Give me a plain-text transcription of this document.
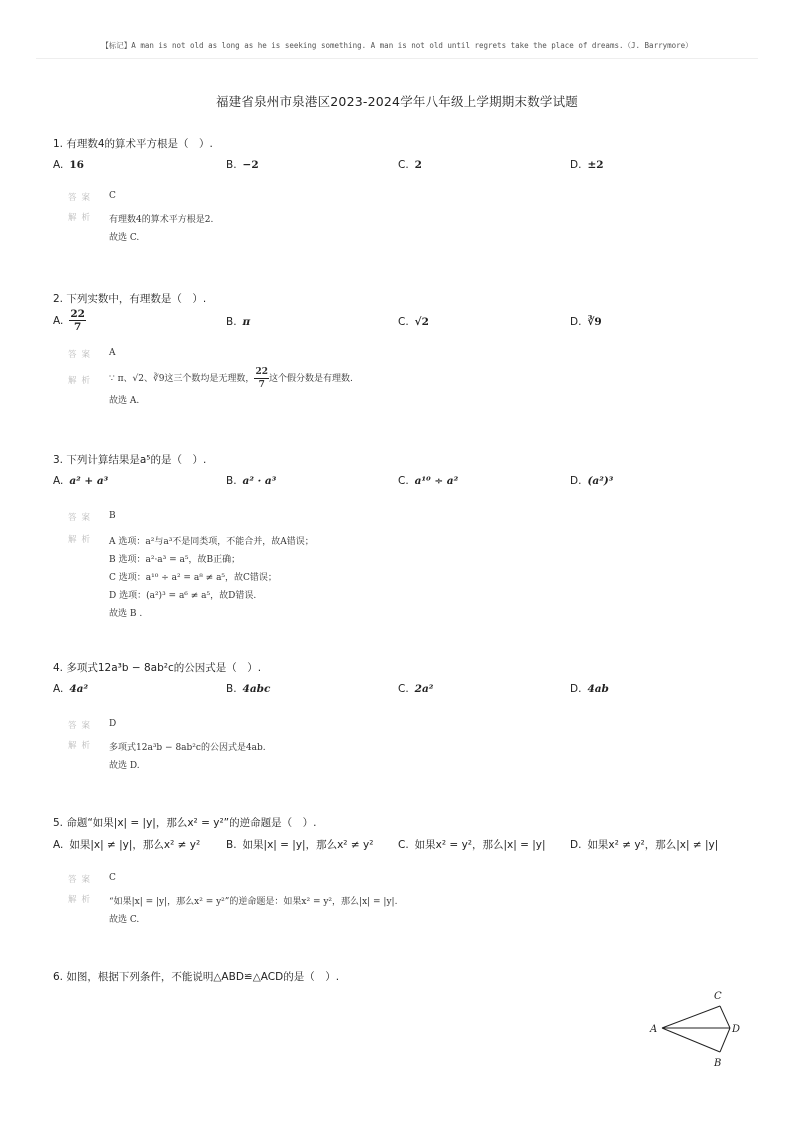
【标记】A man is not old as long as he is seeking something. A man is not old until regrets take the place of dreams.（J. Barrymore）
福建省泉州市泉港区2023-2024学年八年级上学期期末数学试题
1. 有理数4的算术平方根是（　）.
A. 16	B. −2	C. 2	D. ±2
答案 C
解析 有理数4的算术平方根是2.
故选 C.
2. 下列实数中，有理数是（　）.
A. $\frac{22}{7}$	B. π	C. √2	D. ∛9
答案 A
解析 ∵ π、√2、∛9这三个数均是无理数， $\frac{22}{7}$ 这个假分数是有理数.
故选 A.
3. 下列计算结果是a⁵的是（　）.
A. a² + a³	B. a² · a³	C. a¹⁰ ÷ a²	D. (a²)³
答案 B
解析 A 选项：a²与a³不是同类项，不能合并，故A错误；
B 选项：a²·a³ = a⁵，故B正确；
C 选项：a¹⁰ ÷ a² = a⁸ ≠ a⁵，故C错误；
D 选项：(a²)³ = a⁶ ≠ a⁵，故D错误.
故选 B .
4. 多项式12a³b − 8ab²c的公因式是（　）.
A. 4a²	B. 4abc	C. 2a²	D. 4ab
答案 D
解析 多项式12a³b − 8ab²c的公因式是4ab.
故选 D.
5. 命题“如果|x| = |y|，那么x² = y²”的逆命题是（　）.
A. 如果|x| ≠ |y|，那么x² ≠ y² B. 如果|x| = |y|，那么x² ≠ y² C. 如果x² = y²，那么|x| = |y| D. 如果x² ≠ y²，那么|x| ≠ |y|
答案 C
解析 “如果|x| = |y|，那么x² = y²”的逆命题是：如果x² = y²，那么|x| = |y|.
故选 C.
6. 如图，根据下列条件，不能说明△ABD≌△ACD的是（　）.
A
C
D
B
